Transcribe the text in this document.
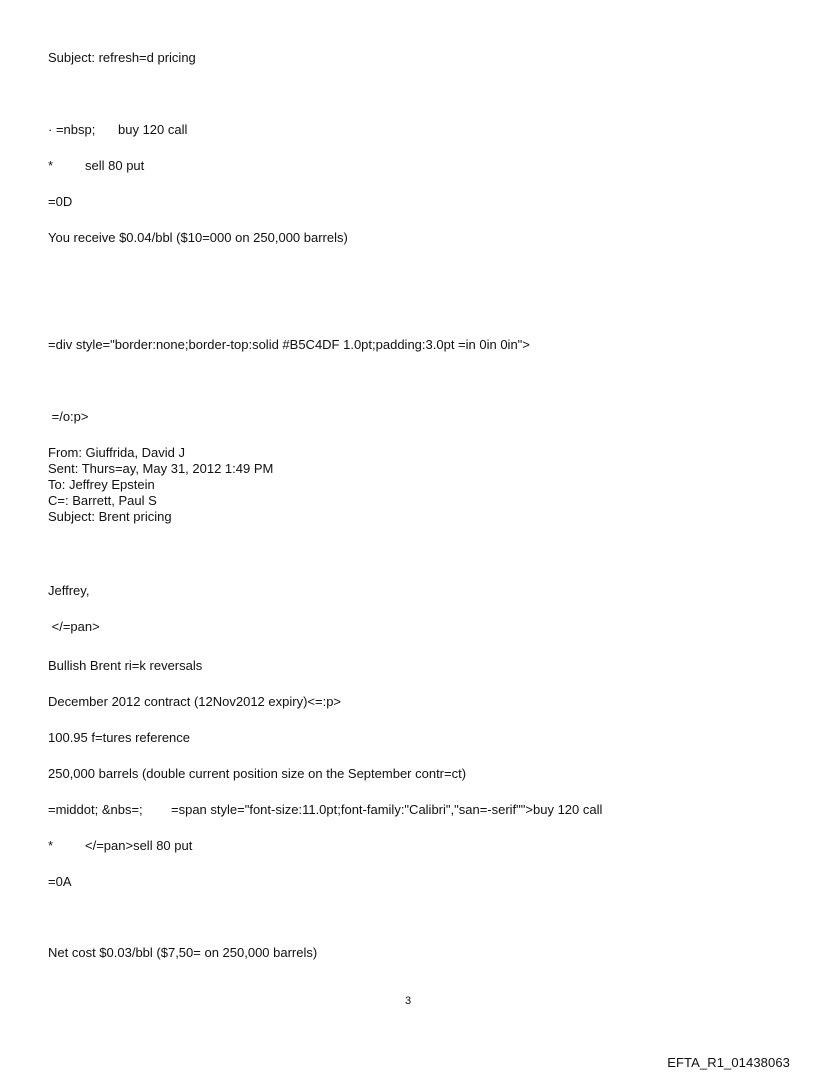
Subject: refresh=d pricing
· =nbsp; buy 120 call
* sell 80 put
=0D
You receive $0.04/bbl ($10=000 on 250,000 barrels)
=div style="border:none;border-top:solid #B5C4DF 1.0pt;padding:3.0pt =in 0in 0in">
=/o:p>
From: Giuffrida, David J
Sent: Thurs=ay, May 31, 2012 1:49 PM
To: Jeffrey Epstein
C=: Barrett, Paul S
Subject: Brent pricing
Jeffrey,
</=pan>
Bullish Brent ri=k reversals
December 2012 contract (12Nov2012 expiry)<=:p>
100.95 f=tures reference
250,000 barrels (double current position size on the September contr=ct)
=middot; &nbs=; =span style="font-size:11.0pt;font-family:"Calibri","san=-serif"">buy 120 call
* </=pan>sell 80 put
=0A
Net cost $0.03/bbl ($7,50= on 250,000 barrels)
3
EFTA_R1_01438063
